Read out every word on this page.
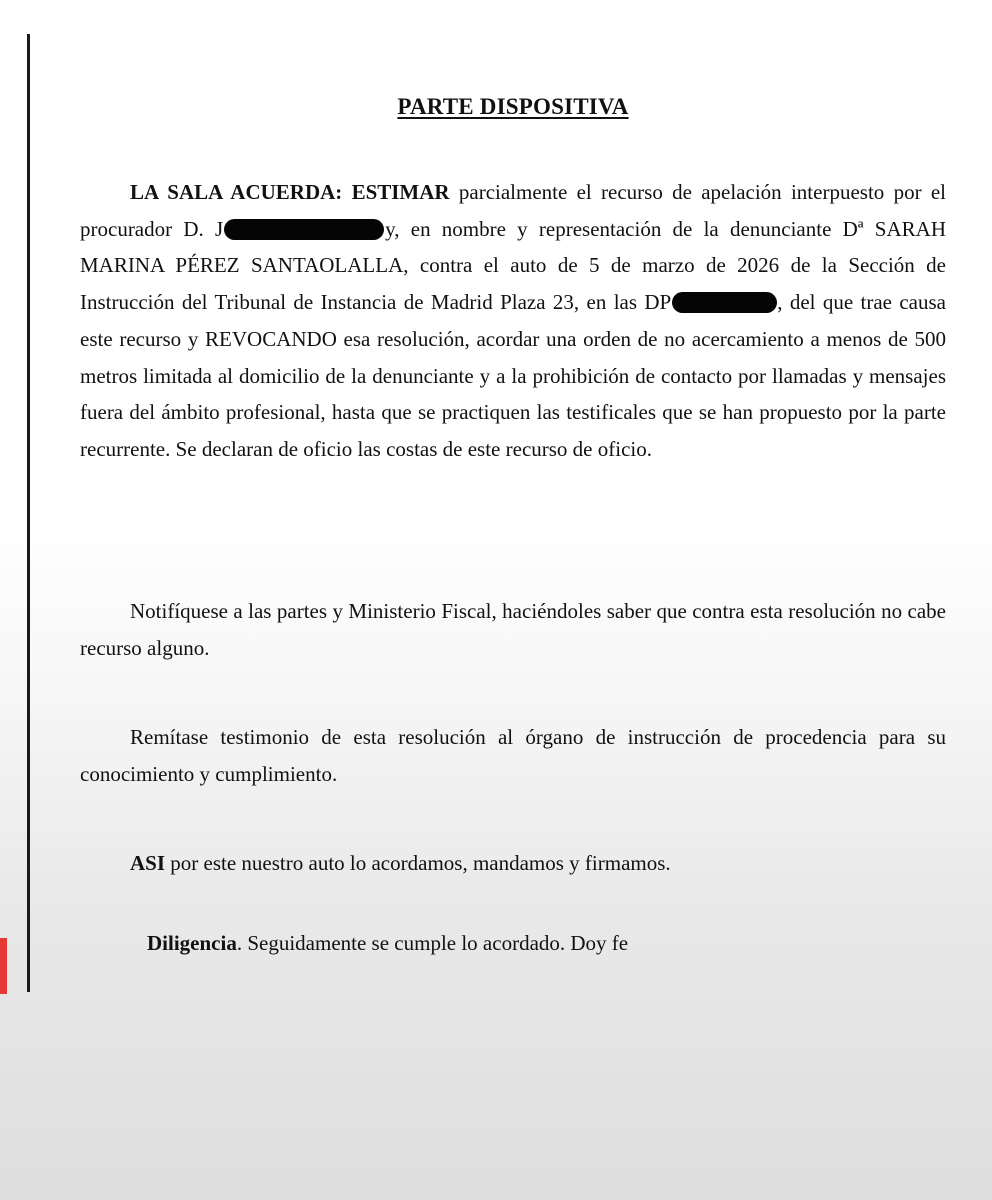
PARTE DISPOSITIVA

LA SALA ACUERDA: ESTIMAR parcialmente el recurso de apelación interpuesto por el procurador D. J	y, en nombre y representación de la denunciante Dª SARAH MARINA PÉREZ SANTAOLALLA, contra el auto de 5 de marzo de 2026 de la Sección de Instrucción del Tribunal de Instancia de Madrid Plaza 23, en las DP	, del que trae causa este recurso y REVOCANDO esa resolución, acordar una orden de no acercamiento a menos de 500 metros limitada al domicilio de la denunciante y a la prohibición de contacto por llamadas y mensajes fuera del ámbito profesional, hasta que se practiquen las testificales que se han propuesto por la parte recurrente. Se declaran de oficio las costas de este recurso de oficio.

Notifíquese a las partes y Ministerio Fiscal, haciéndoles saber que contra esta resolución no cabe recurso alguno.

Remítase testimonio de esta resolución al órgano de instrucción de procedencia para su conocimiento y cumplimiento.

ASI por este nuestro auto lo acordamos, mandamos y firmamos.

Diligencia. Seguidamente se cumple lo acordado. Doy fe
